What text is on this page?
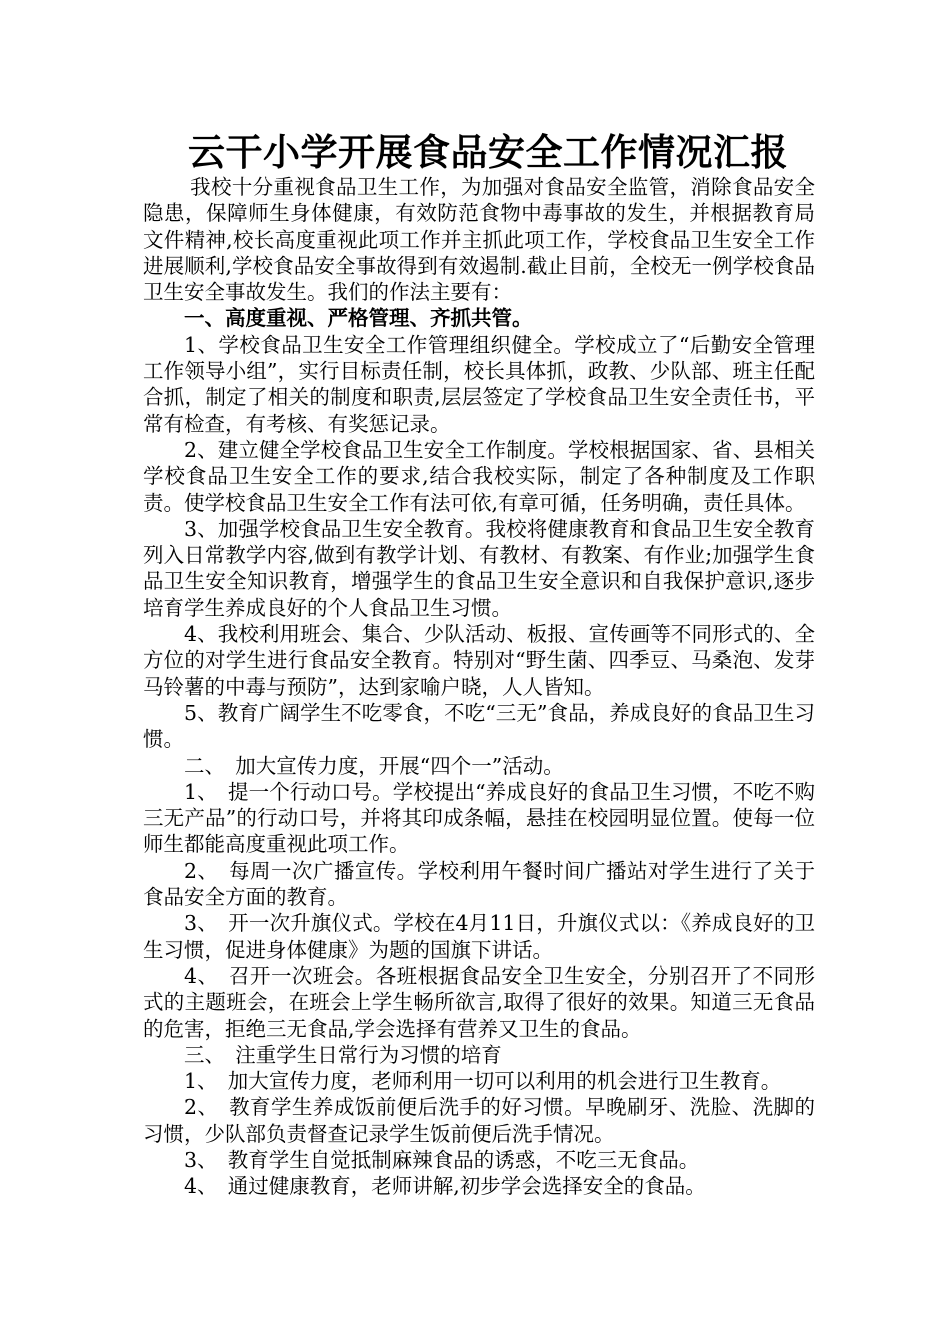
云干小学开展食品安全工作情况汇报

我校十分重视食品卫生工作，为加强对食品安全监管，消除食品安全隐患，保障师生身体健康，有效防范食物中毒事故的发生，并根据教育局文件精神,校长高度重视此项工作并主抓此项工作，学校食品卫生安全工作进展顺利,学校食品安全事故得到有效遏制.截止目前，全校无一例学校食品卫生安全事故发生。我们的作法主要有：

一、高度重视、严格管理、齐抓共管。

1、学校食品卫生安全工作管理组织健全。学校成立了“后勤安全管理工作领导小组”，实行目标责任制，校长具体抓，政教、少队部、班主任配合抓，制定了相关的制度和职责,层层签定了学校食品卫生安全责任书，平常有检查，有考核、有奖惩记录。

2、建立健全学校食品卫生安全工作制度。学校根据国家、省、县相关学校食品卫生安全工作的要求,结合我校实际，制定了各种制度及工作职责。使学校食品卫生安全工作有法可依,有章可循，任务明确，责任具体。

3、加强学校食品卫生安全教育。我校将健康教育和食品卫生安全教育列入日常教学内容,做到有教学计划、有教材、有教案、有作业;加强学生食品卫生安全知识教育，增强学生的食品卫生安全意识和自我保护意识,逐步培育学生养成良好的个人食品卫生习惯。

4、我校利用班会、集合、少队活动、板报、宣传画等不同形式的、全方位的对学生进行食品安全教育。特别对“野生菌、四季豆、马桑泡、发芽马铃薯的中毒与预防”，达到家喻户晓，人人皆知。

5、教育广阔学生不吃零食，不吃“三无”食品，养成良好的食品卫生习惯。

二、　加大宣传力度，开展“四个一”活动。

1、　提一个行动口号。学校提出“养成良好的食品卫生习惯，不吃不购三无产品”的行动口号，并将其印成条幅，悬挂在校园明显位置。使每一位师生都能高度重视此项工作。

2、　每周一次广播宣传。学校利用午餐时间广播站对学生进行了关于食品安全方面的教育。

3、　开一次升旗仪式。学校在4月11日，升旗仪式以：《养成良好的卫生习惯，促进身体健康》为题的国旗下讲话。

4、　召开一次班会。各班根据食品安全卫生安全，分别召开了不同形式的主题班会，在班会上学生畅所欲言,取得了很好的效果。知道三无食品的危害，拒绝三无食品,学会选择有营养又卫生的食品。

三、　注重学生日常行为习惯的培育

1、　加大宣传力度，老师利用一切可以利用的机会进行卫生教育。

2、　教育学生养成饭前便后洗手的好习惯。早晚刷牙、洗脸、洗脚的习惯，少队部负责督查记录学生饭前便后洗手情况。

3、　教育学生自觉抵制麻辣食品的诱惑，不吃三无食品。

4、　通过健康教育，老师讲解,初步学会选择安全的食品。
